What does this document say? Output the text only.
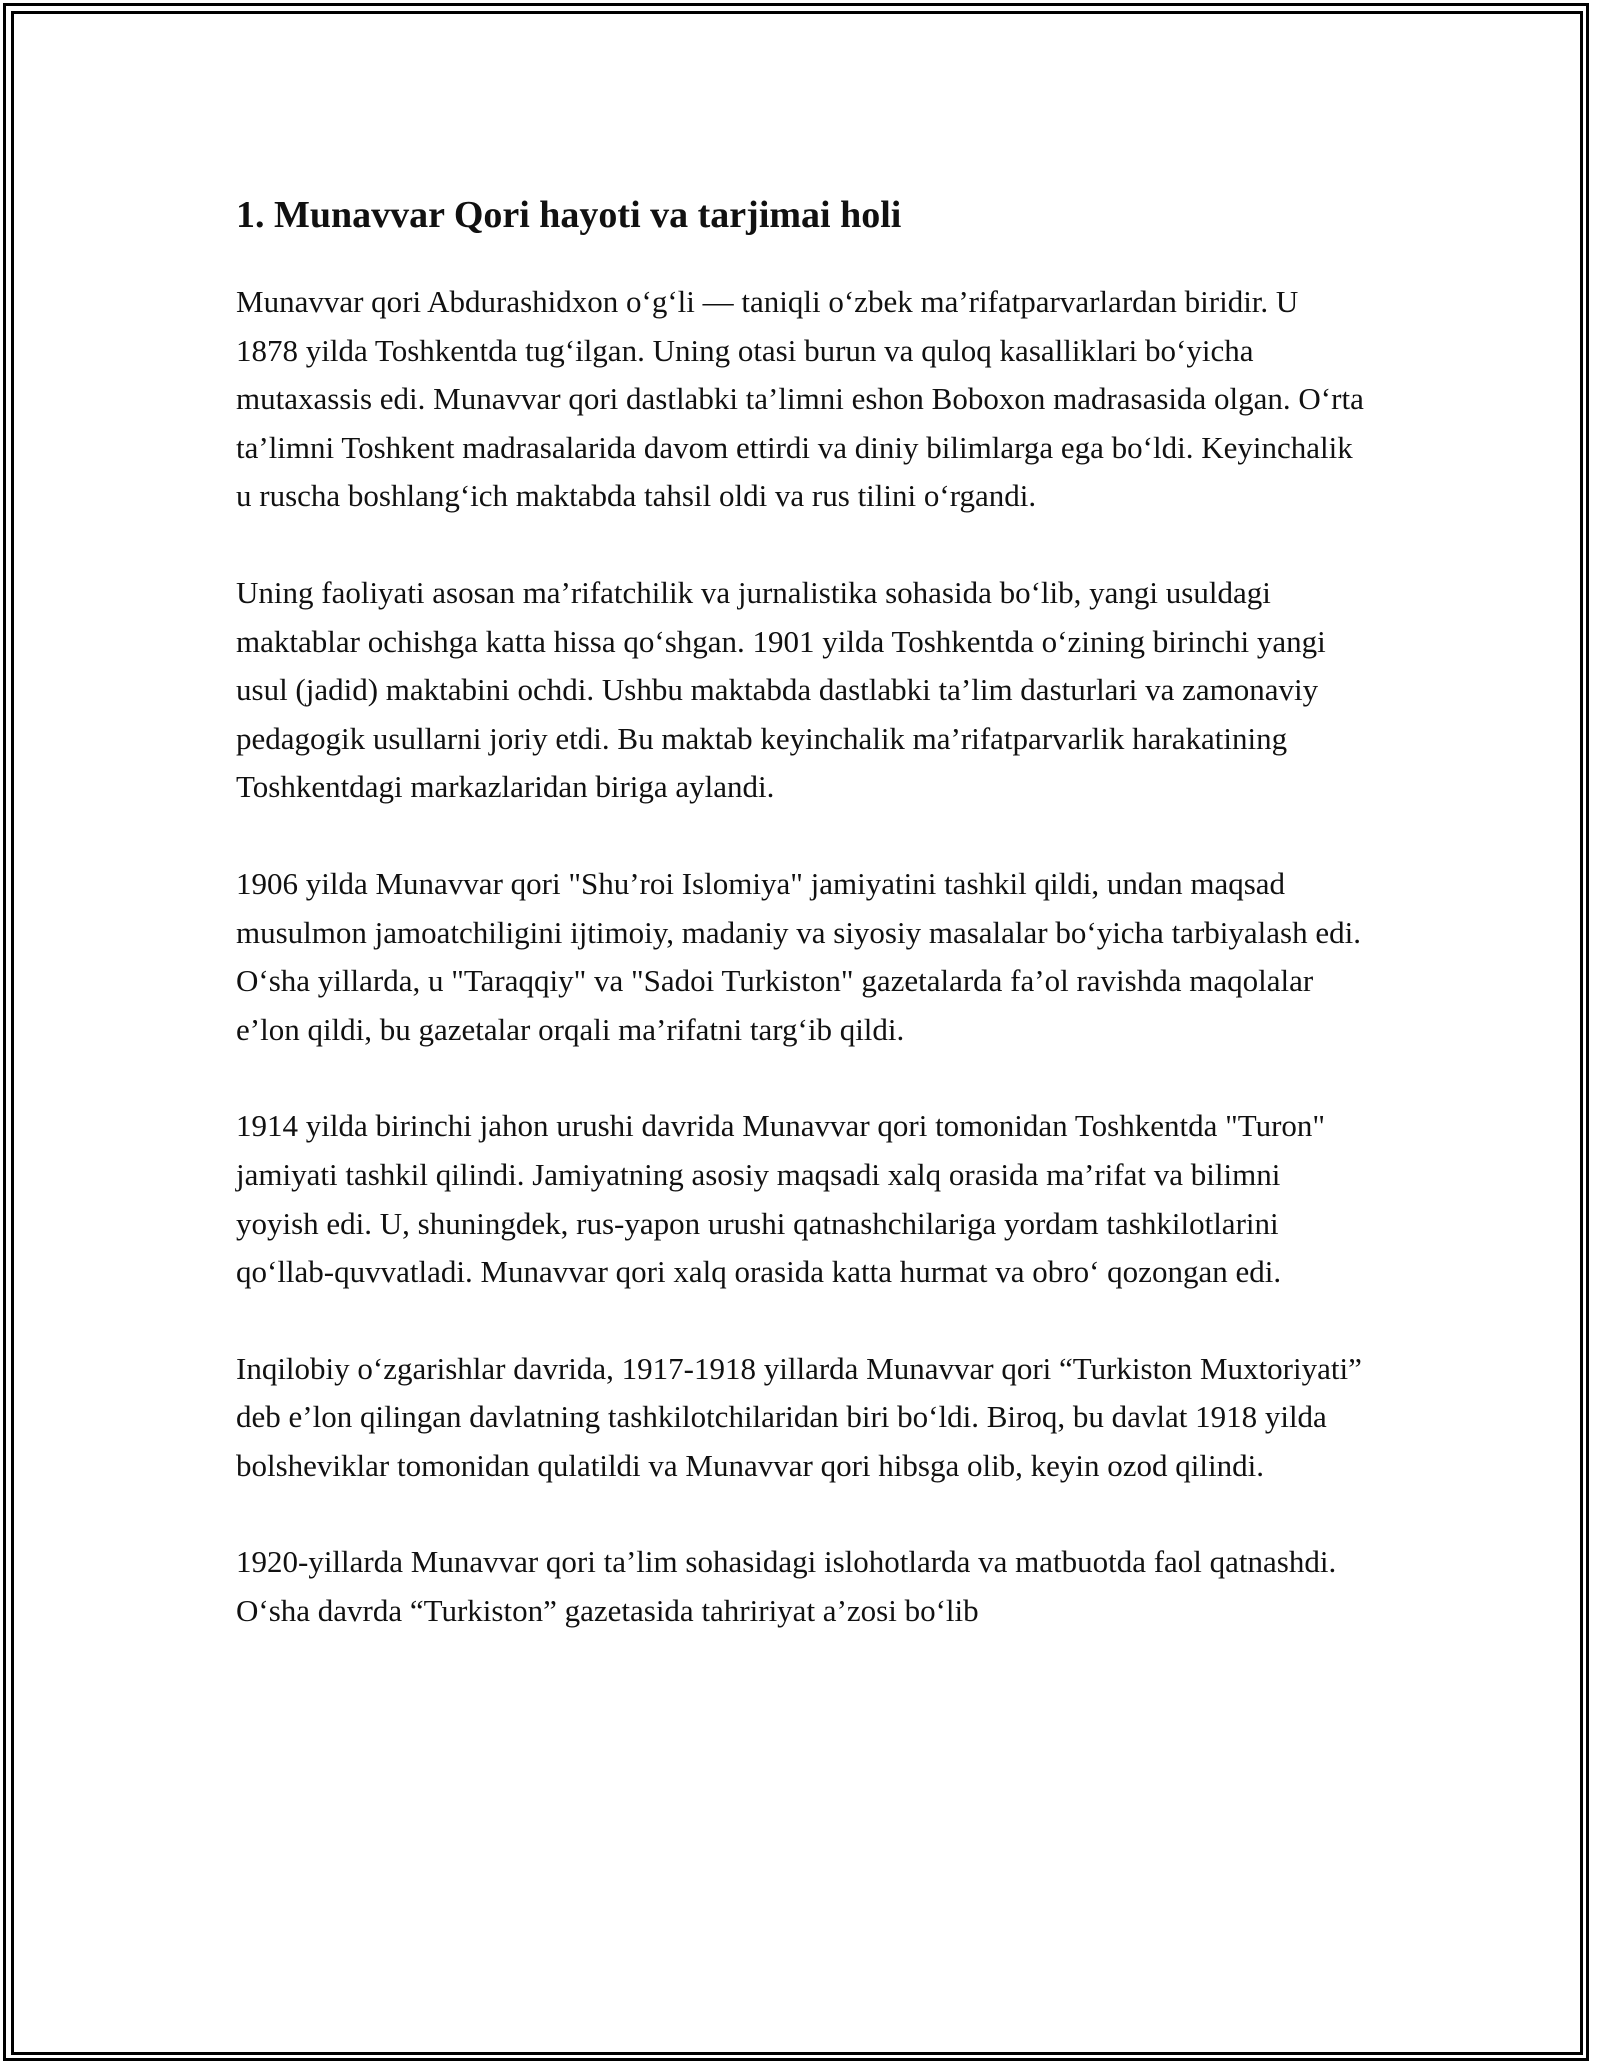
1. Munavvar Qori hayoti va tarjimai holi

Munavvar qori Abdurashidxon o‘g‘li — taniqli o‘zbek ma’rifatparvarlardan biridir. U 1878 yilda Toshkentda tug‘ilgan. Uning otasi burun va quloq kasalliklari bo‘yicha mutaxassis edi. Munavvar qori dastlabki ta’limni eshon Boboxon madrasasida olgan. O‘rta ta’limni Toshkent madrasalarida davom ettirdi va diniy bilimlarga ega bo‘ldi. Keyinchalik u ruscha boshlang‘ich maktabda tahsil oldi va rus tilini o‘rgandi.

Uning faoliyati asosan ma’rifatchilik va jurnalistika sohasida bo‘lib, yangi usuldagi maktablar ochishga katta hissa qo‘shgan. 1901 yilda Toshkentda o‘zining birinchi yangi usul (jadid) maktabini ochdi. Ushbu maktabda dastlabki ta’lim dasturlari va zamonaviy pedagogik usullarni joriy etdi. Bu maktab keyinchalik ma’rifatparvarlik harakatining Toshkentdagi markazlaridan biriga aylandi.

1906 yilda Munavvar qori "Shu’roi Islomiya" jamiyatini tashkil qildi, undan maqsad musulmon jamoatchiligini ijtimoiy, madaniy va siyosiy masalalar bo‘yicha tarbiyalash edi. O‘sha yillarda, u "Taraqqiy" va "Sadoi Turkiston" gazetalarda fa’ol ravishda maqolalar e’lon qildi, bu gazetalar orqali ma’rifatni targ‘ib qildi.

1914 yilda birinchi jahon urushi davrida Munavvar qori tomonidan Toshkentda "Turon" jamiyati tashkil qilindi. Jamiyatning asosiy maqsadi xalq orasida ma’rifat va bilimni yoyish edi. U, shuningdek, rus-yapon urushi qatnashchilariga yordam tashkilotlarini qo‘llab-quvvatladi. Munavvar qori xalq orasida katta hurmat va obro‘ qozongan edi.

Inqilobiy o‘zgarishlar davrida, 1917-1918 yillarda Munavvar qori “Turkiston Muxtoriyati” deb e’lon qilingan davlatning tashkilotchilaridan biri bo‘ldi. Biroq, bu davlat 1918 yilda bolsheviklar tomonidan qulatildi va Munavvar qori hibsga olib, keyin ozod qilindi.

1920-yillarda Munavvar qori ta’lim sohasidagi islohotlarda va matbuotda faol qatnashdi. O‘sha davrda “Turkiston” gazetasida tahririyat a’zosi bo‘lib
